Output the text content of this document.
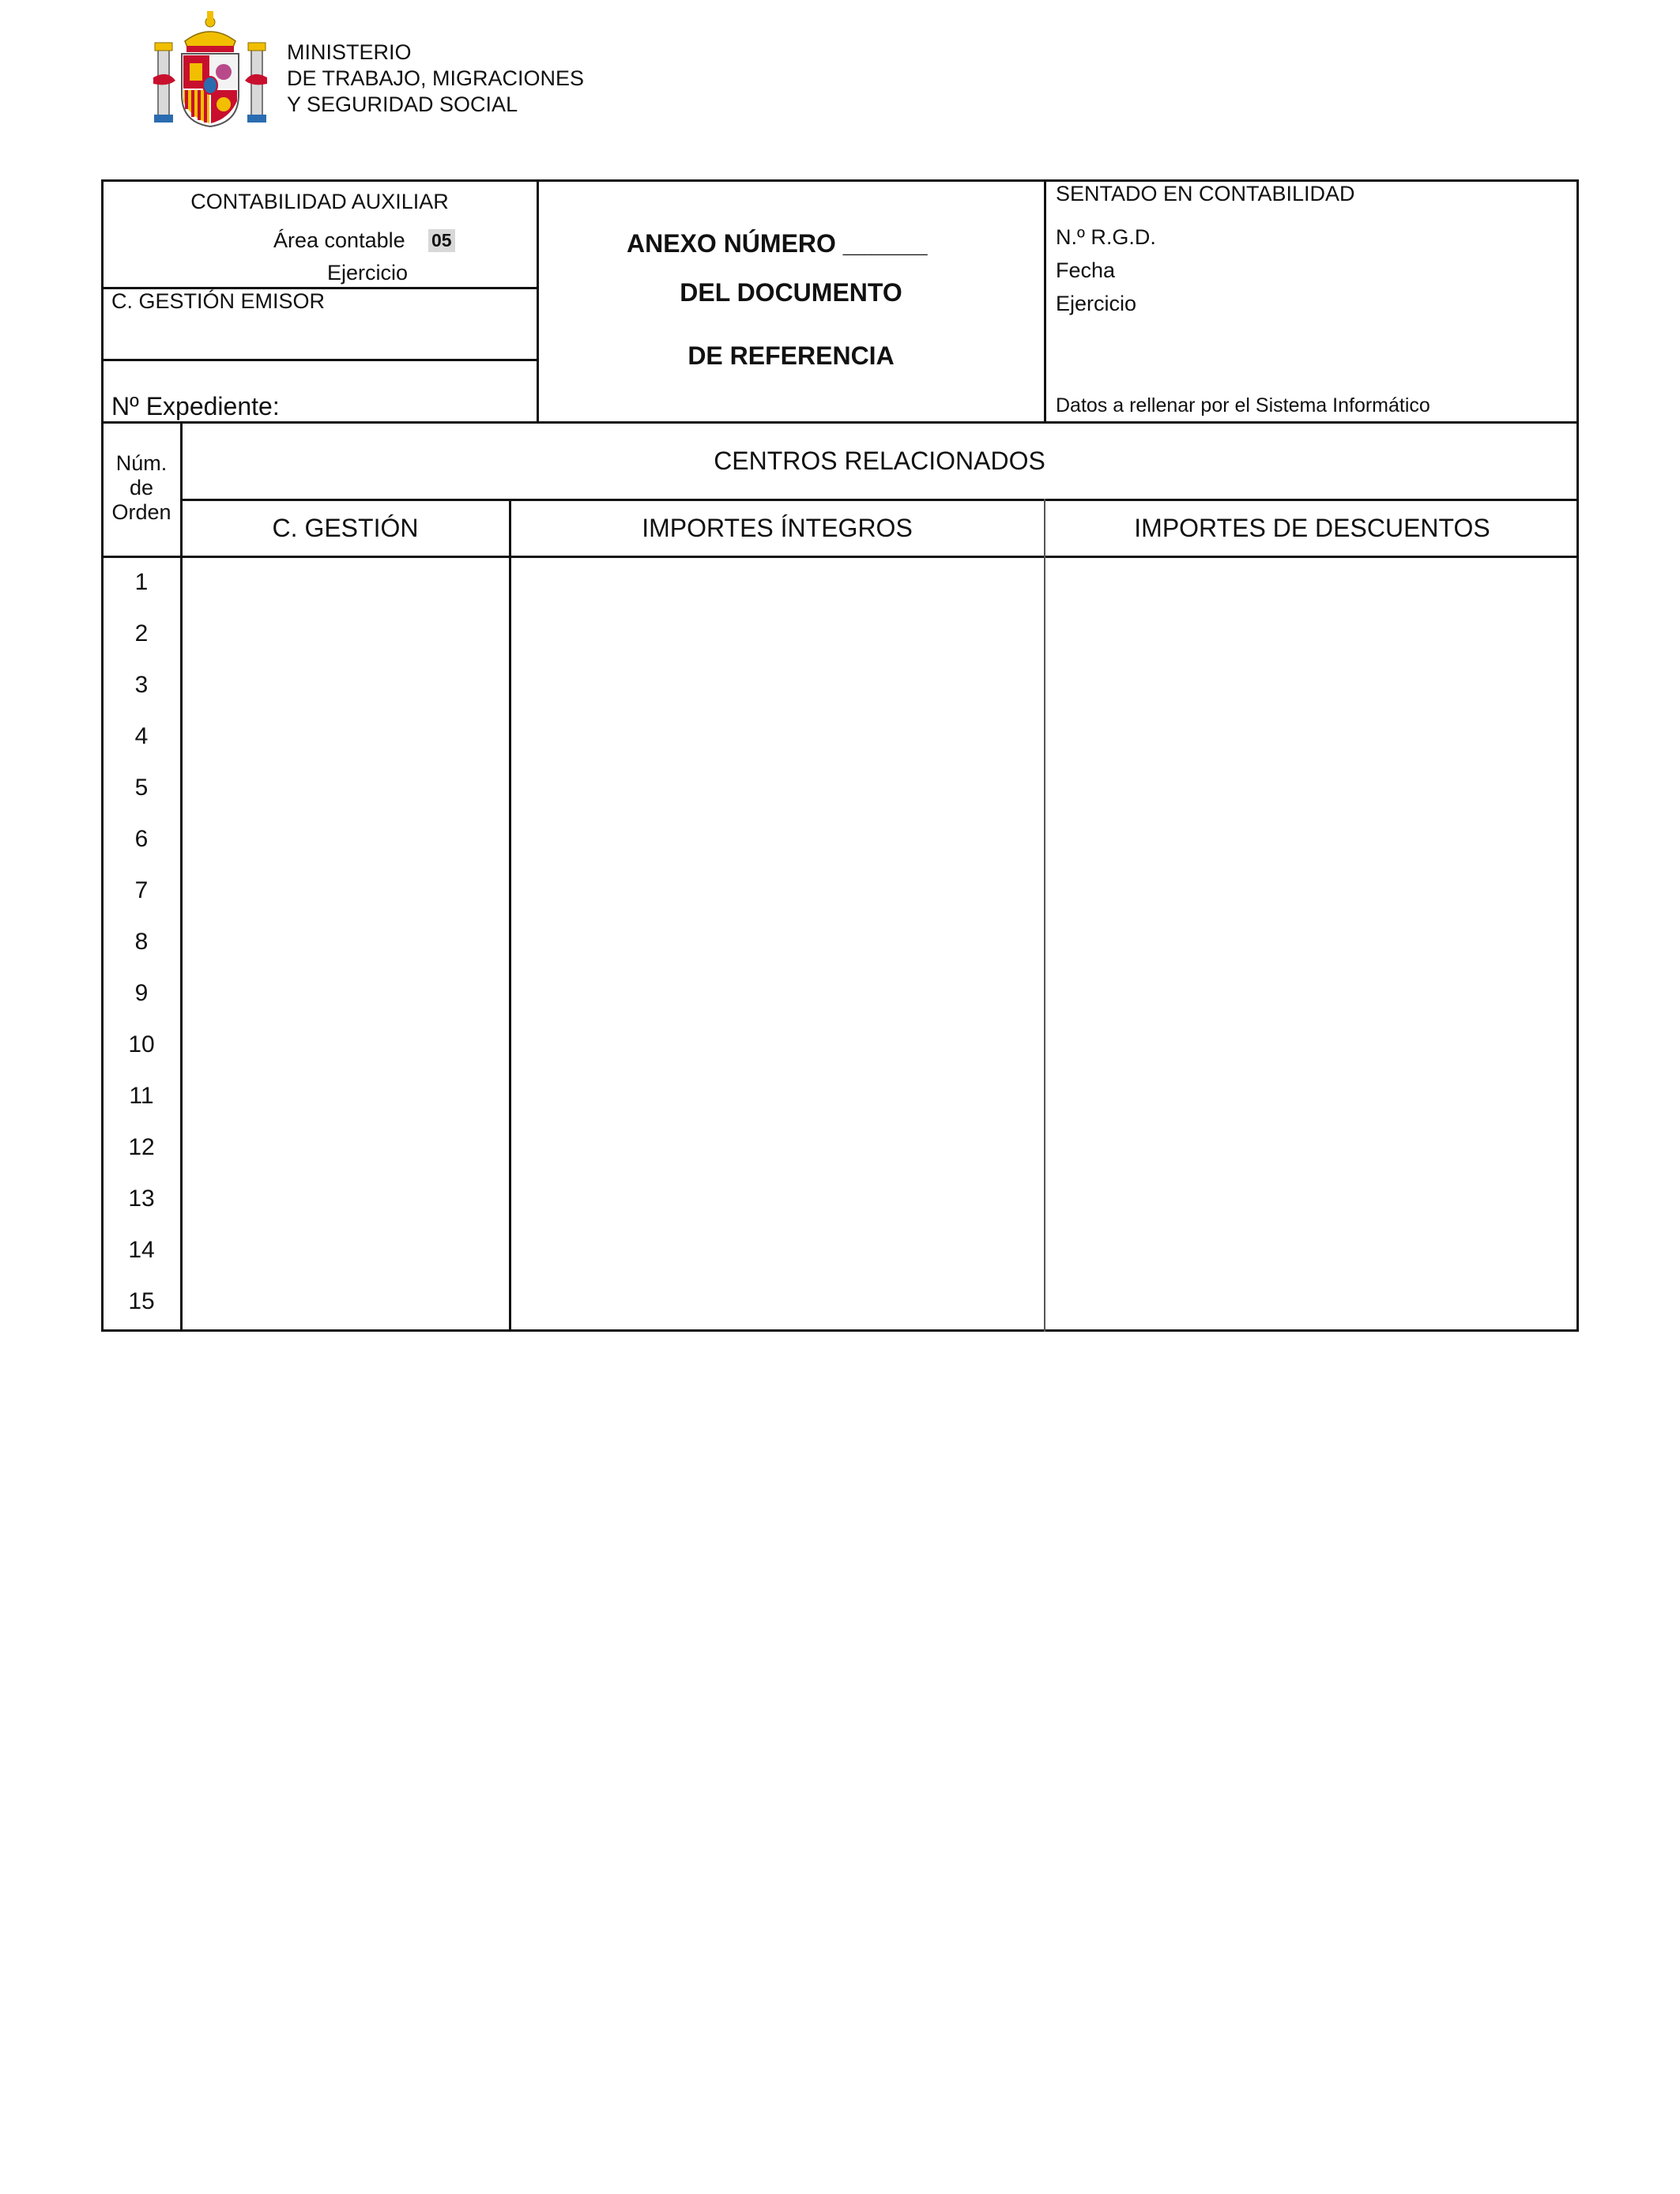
MINISTERIO
DE TRABAJO, MIGRACIONES
Y SEGURIDAD SOCIAL
CONTABILIDAD AUXILIAR
Área contable 05
Ejercicio
C. GESTIÓN EMISOR
Nº Expediente:
ANEXO NÚMERO ______
DEL DOCUMENTO
DE REFERENCIA
SENTADO EN CONTABILIDAD
N.º R.G.D.
Fecha
Ejercicio
Datos a rellenar por el Sistema Informático
Núm.
de
Orden
CENTROS RELACIONADOS
C. GESTIÓN	IMPORTES ÍNTEGROS	IMPORTES DE DESCUENTOS
1
2
3
4
5
6
7
8
9
10
11
12
13
14
15
